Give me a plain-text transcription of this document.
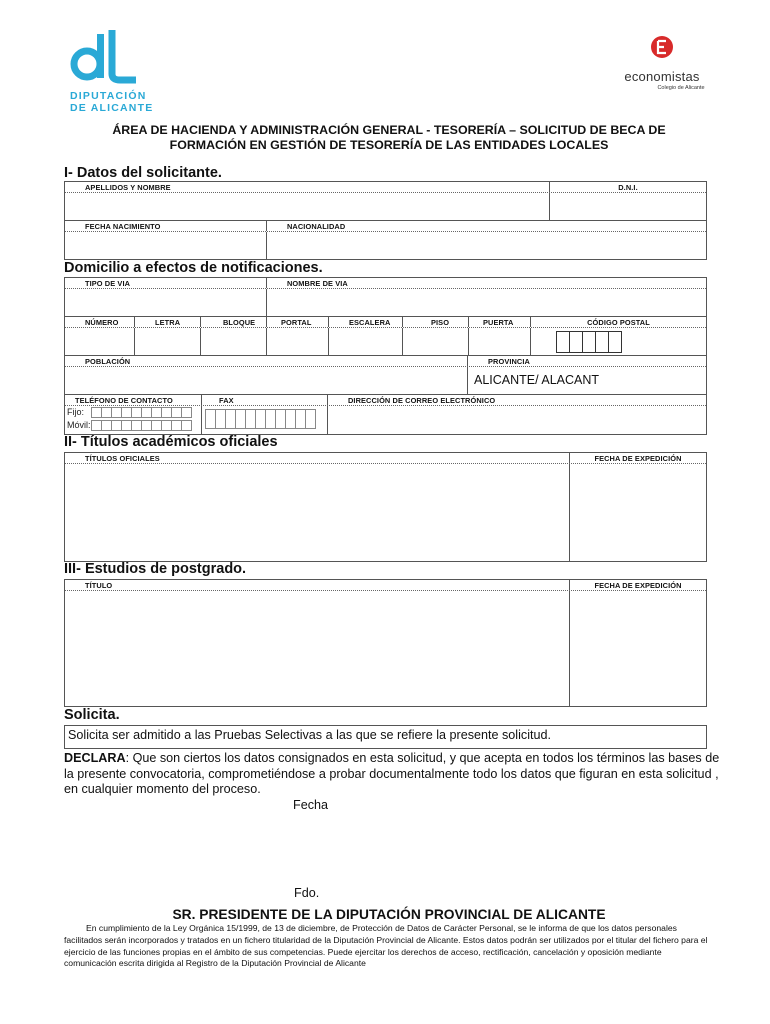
DIPUTACIÓN
DE ALICANTE
economistas
Colegio de Alicante
ÁREA DE HACIENDA Y ADMINISTRACIÓN GENERAL - TESORERÍA – SOLICITUD DE BECA DE
FORMACIÓN EN GESTIÓN DE TESORERÍA DE LAS ENTIDADES LOCALES
I- Datos del solicitante.
APELLIDOS Y NOMBRE	D.N.I.
FECHA NACIMIENTO	NACIONALIDAD
Domicilio a efectos de notificaciones.
TIPO DE VIA	NOMBRE DE VIA
NÚMERO	LETRA	BLOQUE	PORTAL	ESCALERA	PISO	PUERTA	CÓDIGO POSTAL
POBLACIÓN	PROVINCIA
ALICANTE/ ALACANT
TELÉFONO DE CONTACTO	FAX	DIRECCIÓN DE CORREO ELECTRÓNICO
Fijo:
Móvil:
II- Títulos académicos oficiales
TÍTULOS OFICIALES	FECHA DE EXPEDICIÓN
III- Estudios de postgrado.
TÍTULO	FECHA DE EXPEDICIÓN
Solicita.
Solicita ser admitido a las Pruebas Selectivas a las que se refiere la presente solicitud.
DECLARA: Que son ciertos los datos consignados en esta solicitud, y que acepta en todos los términos las bases de la presente convocatoria, comprometiéndose a probar documentalmente todo los datos que figuran en esta solicitud , en cualquier momento del proceso.
Fecha
Fdo.
SR. PRESIDENTE DE LA DIPUTACIÓN PROVINCIAL DE ALICANTE
En cumplimiento de la Ley Orgánica 15/1999, de 13 de diciembre, de Protección de Datos de Carácter Personal, se le informa de que los datos personales facilitados serán incorporados y tratados en un fichero titularidad de la Diputación Provincial de Alicante. Estos datos podrán ser utilizados por el titular del fichero para el ejercicio de las funciones propias en el ámbito de sus competencias. Puede ejercitar los derechos de acceso, rectificación, cancelación y oposición mediante comunicación escrita dirigida al Registro de la Diputación Provincial de Alicante
